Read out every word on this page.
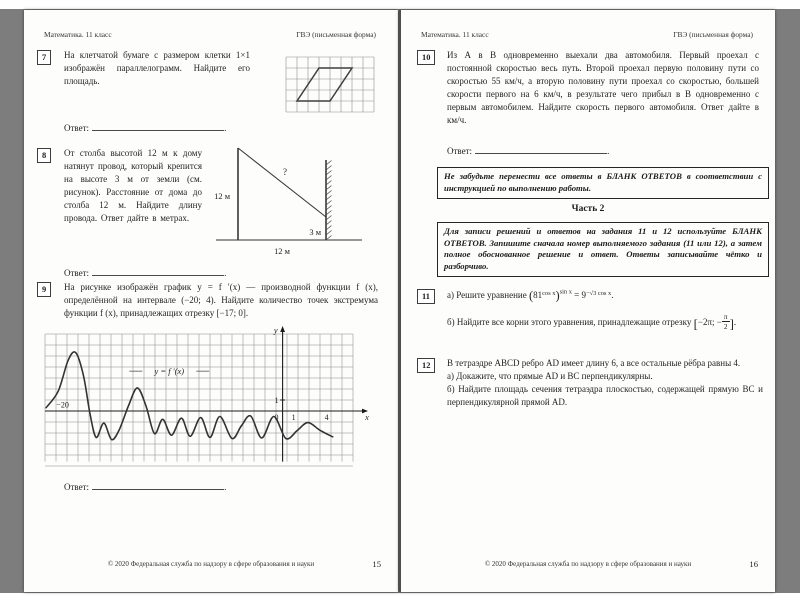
Математика. 11 класс	ГВЭ (письменная форма)
7	На клетчатой бумаге с размером клетки 1×1 изображён параллелограмм. Найдите его площадь.
Ответ:	.
8	От столба высотой 12 м к дому натянут провод, который крепится на высоте 3 м от земли (см. рисунок). Расстояние от дома до столба 12 м. Найдите длину провода. Ответ дайте в метрах.
12 м
?
3 м
12 м
Ответ:	.
9	На рисунке изображён график y = f ′(x) — производной функции f (x), определённой на интервале (−20; 4). Найдите количество точек экстремума функции f (x), принадлежащих отрезку [−17; 0].
−20
0 1	4
1
x
y
y = f ′(x)
Ответ:	.
© 2020 Федеральная служба по надзору в сфере образования и науки	15
Математика. 11 класс	ГВЭ (письменная форма)
10	Из А в В одновременно выехали два автомобиля. Первый проехал с постоянной скоростью весь путь. Второй проехал первую половину пути со скоростью 55 км/ч, а вторую половину пути проехал со скоростью, большей скорости первого на 6 км/ч, в результате чего прибыл в В одновременно с первым автомобилем. Найдите скорость первого автомобиля. Ответ дайте в км/ч.
Ответ:	.
Не забудьте перенести все ответы в БЛАНК ОТВЕТОВ в соответствии с инструкцией по выполнению работы.
Часть 2
Для записи решений и ответов на задания 11 и 12 используйте БЛАНК ОТВЕТОВ. Запишите сначала номер выполняемого задания (11 или 12), а затем полное обоснованное решение и ответ. Ответы записывайте чётко и разборчиво.
11	а) Решите уравнение $(81^{cos x})^{sin x} = 9^{-√3 cos x}$.
б) Найдите все корни этого уравнения, принадлежащие отрезку [−2π; − $\frac{\pi}{2}$ ].
12	В тетраэдре ABCD ребро AD имеет длину 6, а все остальные рёбра равны 4.
а) Докажите, что прямые AD и BC перпендикулярны.
б) Найдите площадь сечения тетраэдра плоскостью, содержащей прямую BC и перпендикулярной прямой AD.
© 2020 Федеральная служба по надзору в сфере образования и науки	16
